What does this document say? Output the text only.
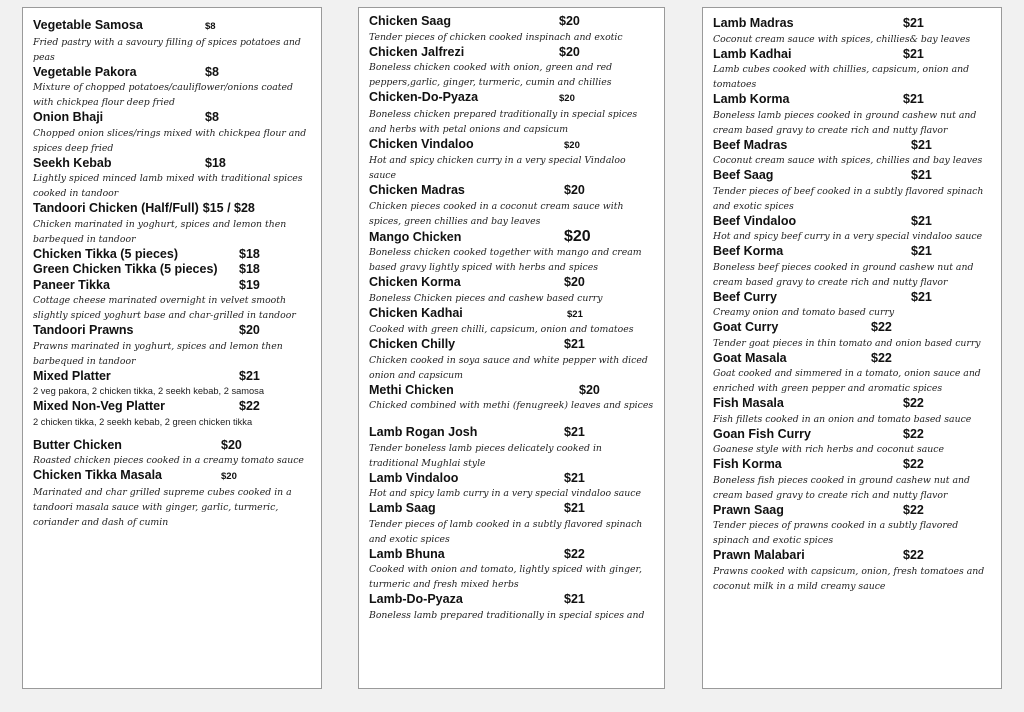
Vegetable Samosa	$8
Fried pastry with a savoury filling of spices potatoes and peas
Vegetable Pakora	$8
Mixture of chopped potatoes/cauliflower/onions coated with chickpea flour deep fried
Onion Bhaji	$8
Chopped onion slices/rings mixed with chickpea flour and spices deep fried
Seekh Kebab	$18
Lightly spiced minced lamb mixed with traditional spices cooked in tandoor
Tandoori Chicken (Half/Full) $15 / $28
Chicken marinated in yoghurt, spices and lemon then barbequed in tandoor
Chicken Tikka (5 pieces)	$18
Green Chicken Tikka (5 pieces) $18
Paneer Tikka	$19
Cottage cheese marinated overnight in velvet smooth slightly spiced yoghurt base and char-grilled in tandoor
Tandoori Prawns	$20
Prawns marinated in yoghurt, spices and lemon then barbequed in tandoor
Mixed Platter	$21
2 veg pakora, 2 chicken tikka, 2 seekh kebab, 2 samosa
Mixed Non-Veg Platter	$22
2 chicken tikka, 2 seekh kebab, 2 green chicken tikka
Butter Chicken	$20
Roasted chicken pieces cooked in a creamy tomato sauce
Chicken Tikka Masala	$20
Marinated and char grilled supreme cubes cooked in a tandoori masala sauce with ginger, garlic, turmeric, coriander and dash of cumin
Chicken Saag	$20
Tender pieces of chicken cooked inspinach and exotic
Chicken Jalfrezi	$20
Boneless chicken cooked with onion, green and red peppers,garlic, ginger, turmeric, cumin and chillies
Chicken-Do-Pyaza	$20
Boneless chicken prepared traditionally in special spices and herbs with petal onions and capsicum
Chicken Vindaloo	$20
Hot and spicy chicken curry in a very special Vindaloo sauce
Chicken Madras	$20
Chicken pieces cooked in a coconut cream sauce with spices, green chillies and bay leaves
Mango Chicken	$20
Boneless chicken cooked together with mango and cream based gravy lightly spiced with herbs and spices
Chicken Korma	$20
Boneless Chicken pieces and cashew based curry
Chicken Kadhai	$21
Cooked with green chilli, capsicum, onion and tomatoes
Chicken Chilly	$21
Chicken cooked in soya sauce and white pepper with diced onion and capsicum
Methi Chicken	$20
Chicked combined with methi (fenugreek) leaves and spices
Lamb Rogan Josh	$21
Tender boneless lamb pieces delicately cooked in traditional Mughlai style
Lamb Vindaloo	$21
Hot and spicy lamb curry in a very special vindaloo sauce
Lamb Saag	$21
Tender pieces of lamb cooked in a subtly flavored spinach and exotic spices
Lamb Bhuna	$22
Cooked with onion and tomato, lightly spiced with ginger, turmeric and fresh mixed herbs
Lamb-Do-Pyaza	$21
Boneless lamb prepared traditionally in special spices and
Lamb Madras	$21
Coconut cream sauce with spices, chillies& bay leaves
Lamb Kadhai	$21
Lamb cubes cooked with chillies, capsicum, onion and tomatoes
Lamb Korma	$21
Boneless lamb pieces cooked in ground cashew nut and cream based gravy to create rich and nutty flavor
Beef Madras	$21
Coconut cream sauce with spices, chillies and bay leaves
Beef Saag	$21
Tender pieces of beef cooked in a subtly flavored spinach and exotic spices
Beef Vindaloo	$21
Hot and spicy beef curry in a very special vindaloo sauce
Beef Korma	$21
Boneless beef pieces cooked in ground cashew nut and cream based gravy to create rich and nutty flavor
Beef Curry	$21
Creamy onion and tomato based curry
Goat Curry	$22
Tender goat pieces in thin tomato and onion based curry
Goat Masala	$22
Goat cooked and simmered in a tomato, onion sauce and enriched with green pepper and aromatic spices
Fish Masala	$22
Fish fillets cooked in an onion and tomato based sauce
Goan Fish Curry	$22
Goanese style with rich herbs and coconut sauce
Fish Korma	$22
Boneless fish pieces cooked in ground cashew nut and cream based gravy to create rich and nutty flavor
Prawn Saag	$22
Tender pieces of prawns cooked in a subtly flavored spinach and exotic spices
Prawn Malabari	$22
Prawns cooked with capsicum, onion, fresh tomatoes and coconut milk in a mild creamy sauce
